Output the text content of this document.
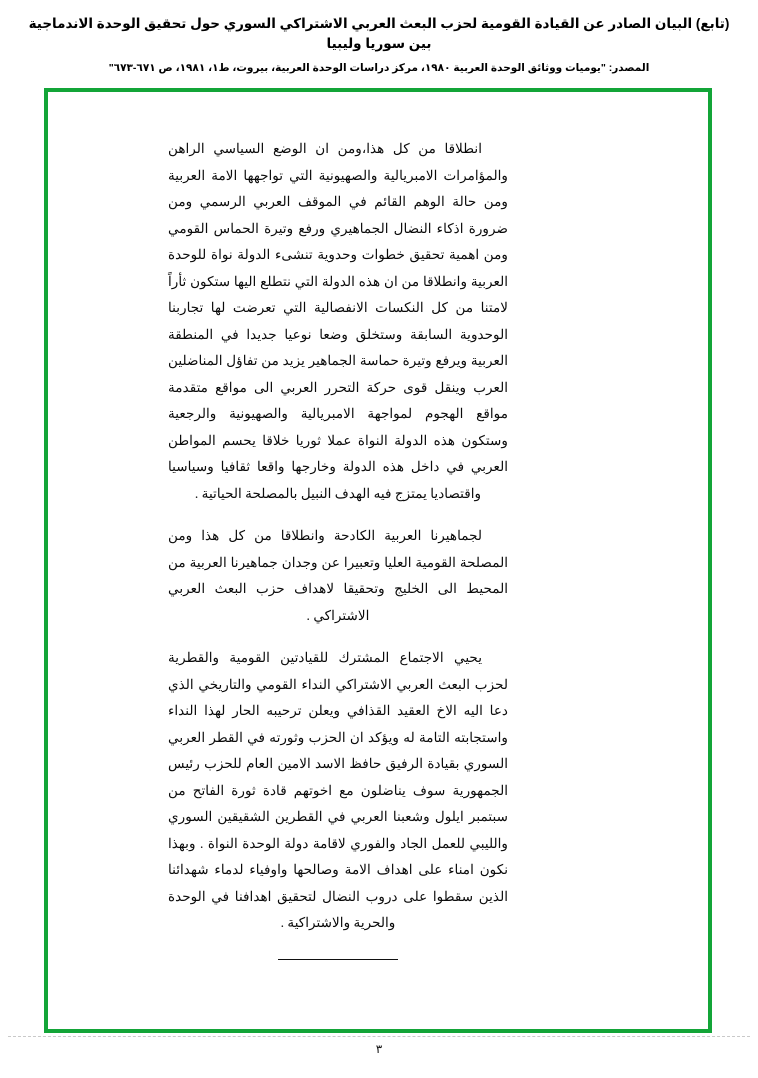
(تابع) البيان الصادر عن القيادة القومية لحزب البعث العربي الاشتراكي السوري حول تحقيق الوحدة الاندماجية بين سوريا وليبيا
المصدر: "يوميات ووثائق الوحدة العربية ١٩٨٠، مركز دراسات الوحدة العربية، بيروت، ط١، ١٩٨١، ص ٦٧١-٦٧٣"

انطلاقا من كل هذا،ومن ان الوضع السياسي الراهن والمؤامرات الامبريالية والصهيونية التي تواجهها الامة العربية ومن حالة الوهم القائم في الموقف العربي الرسمي ومن ضرورة اذكاء النضال الجماهيري ورفع وتيرة الحماس القومي ومن اهمية تحقيق خطوات وحدوية تنشىء الدولة نواة للوحدة العربية وانطلاقا من ان هذه الدولة التي نتطلع اليها ستكون ثأراً لامتنا من كل النكسات الانفصالية التي تعرضت لها تجاربنا الوحدوية السابقة وستخلق وضعا نوعيا جديدا في المنطقة العربية ويرفع وتيرة حماسة الجماهير يزيد من تفاؤل المناضلين العرب وينقل قوى حركة التحرر العربي الى مواقع متقدمة مواقع الهجوم لمواجهة الامبريالية والصهيونية والرجعية وستكون هذه الدولة النواة عملا ثوريا خلاقا يحسم المواطن العربي في داخل هذه الدولة وخارجها واقعا ثقافيا وسياسيا واقتصاديا يمتزج فيه الهدف النبيل بالمصلحة الحياتية .

لجماهيرنا العربية الكادحة وانطلاقا من كل هذا ومن المصلحة القومية العليا وتعبيرا عن وجدان جماهيرنا العربية من المحيط الى الخليج وتحقيقا لاهداف حزب البعث العربي الاشتراكي .

يحيي الاجتماع المشترك للقيادتين القومية والقطرية لحزب البعث العربي الاشتراكي النداء القومي والتاريخي الذي دعا اليه الاخ العقيد القذافي ويعلن ترحيبه الحار لهذا النداء واستجابته التامة له ويؤكد ان الحزب وثورته في القطر العربي السوري بقيادة الرفيق حافظ الاسد الامين العام للحزب رئيس الجمهورية سوف يناضلون مع اخوتهم قادة ثورة الفاتح من سبتمبر ايلول وشعبنا العربي في القطرين الشقيقين السوري والليبي للعمل الجاد والفوري لاقامة دولة الوحدة النواة . وبهذا نكون امناء على اهداف الامة وصالحها واوفياء لدماء شهدائنا الذين سقطوا على دروب النضال لتحقيق اهدافنا في الوحدة والحرية والاشتراكية .

٣
